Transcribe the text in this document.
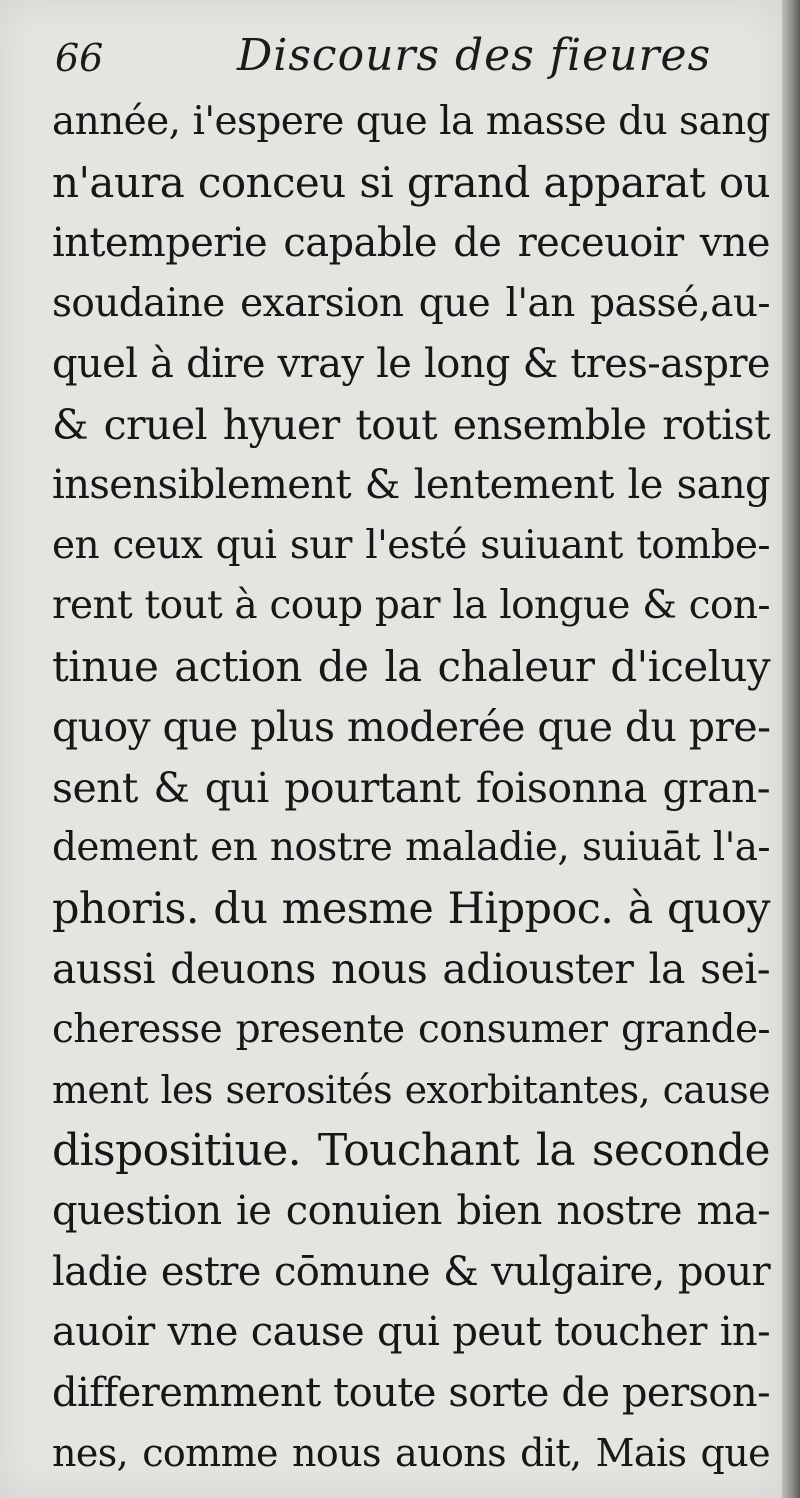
66	Discours des fieures
année, i'espere que la masse du sang
n'aura conceu si grand apparat ou
intemperie capable de receuoir vne
soudaine exarsion que l'an passé,au-
quel à dire vray le long & tres-aspre
& cruel hyuer tout ensemble rotist
insensiblement & lentement le sang
en ceux qui sur l'esté suiuant tombe-
rent tout à coup par la longue & con-
tinue action de la chaleur d'iceluy
quoy que plus moderée que du pre-
sent & qui pourtant foisonna gran-
dement en nostre maladie, suiuāt l'a-
phoris. du mesme Hippoc. à quoy
aussi deuons nous adiouster la sei-
cheresse presente consumer grande-
ment les serosités exorbitantes, cause
dispositiue. Touchant la seconde
question ie conuien bien nostre ma-
ladie estre cōmune & vulgaire, pour
auoir vne cause qui peut toucher in-
differemment toute sorte de person-
nes, comme nous auons dit, Mais que
